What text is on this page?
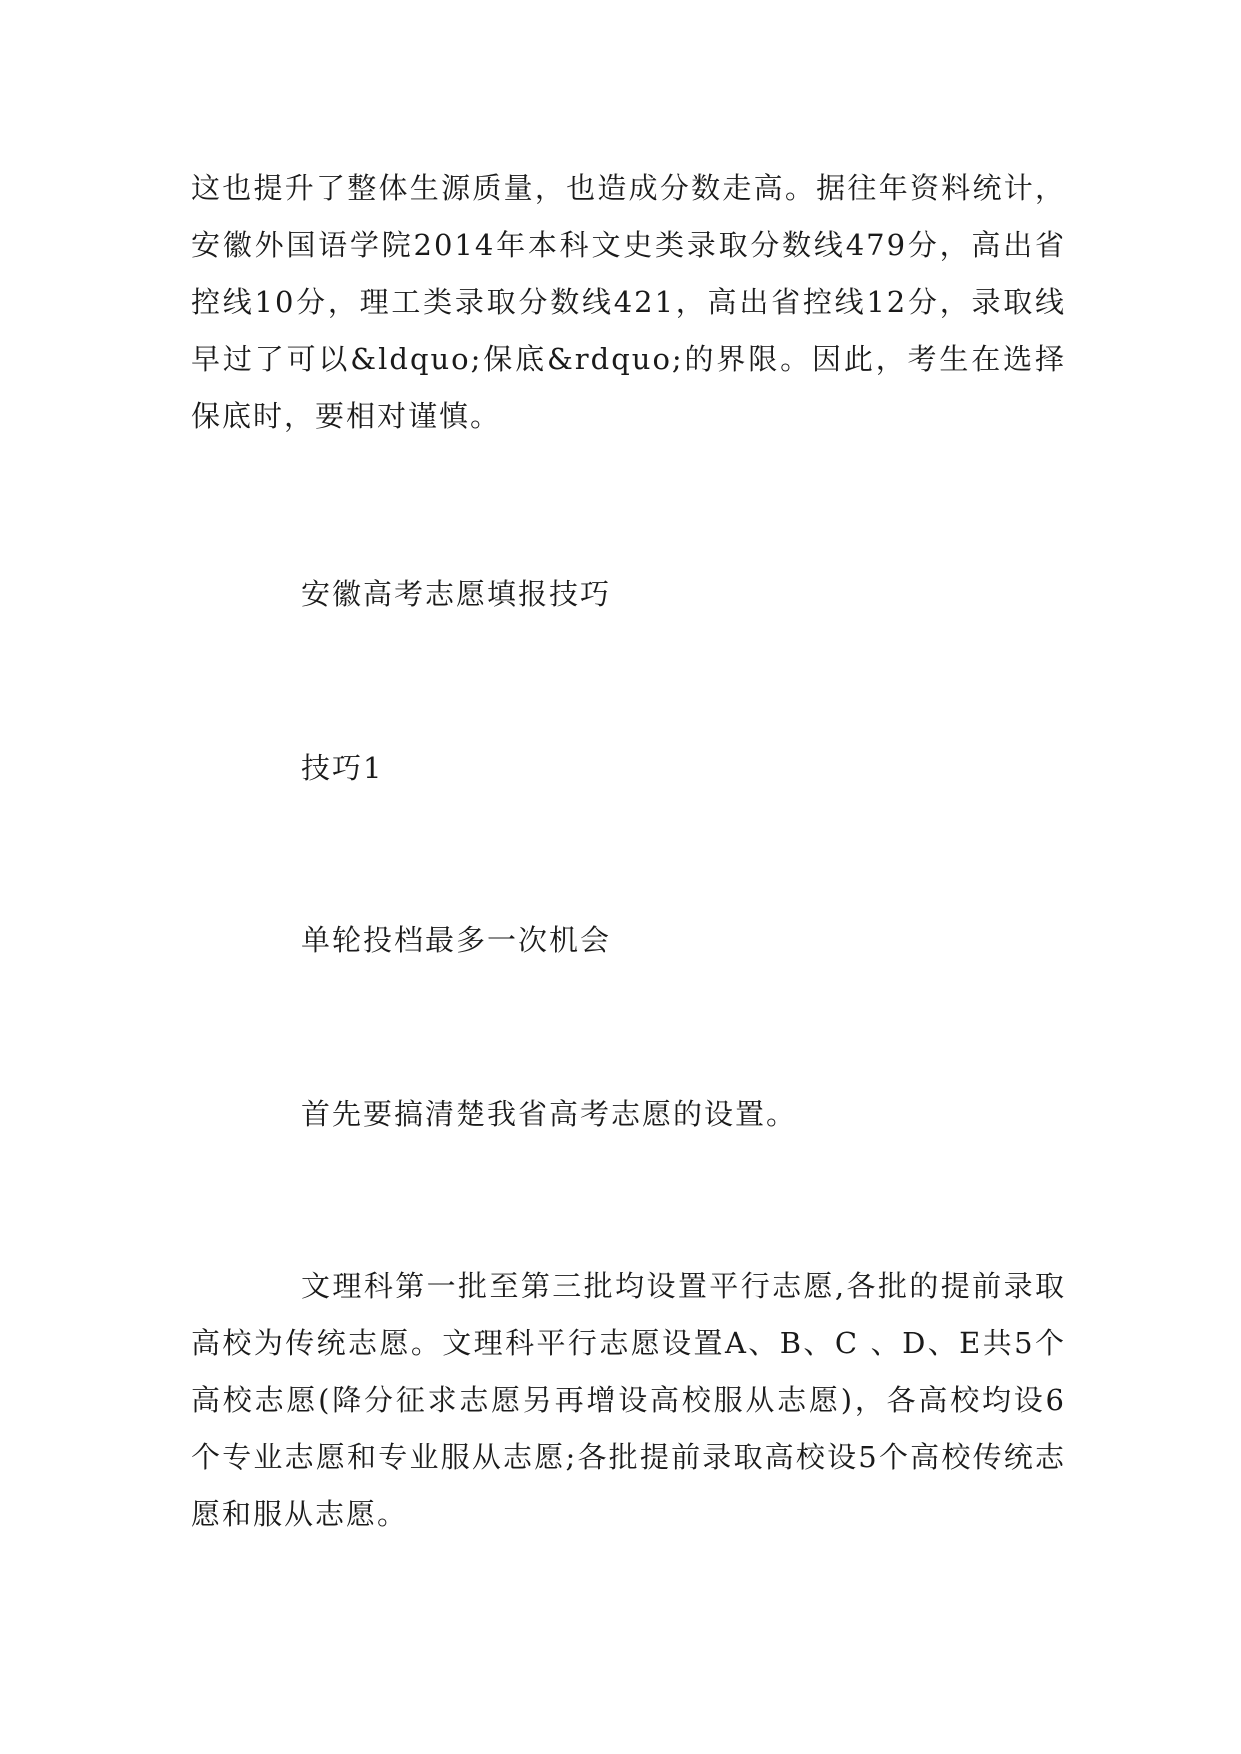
这也提升了整体生源质量，也造成分数走高。据往年资料统计，安徽外国语学院2014年本科文史类录取分数线479分，高出省控线10分，理工类录取分数线421，高出省控线12分，录取线早过了可以&ldquo;保底&rdquo;的界限。因此，考生在选择保底时，要相对谨慎。

安徽高考志愿填报技巧

技巧1

单轮投档最多一次机会

首先要搞清楚我省高考志愿的设置。

文理科第一批至第三批均设置平行志愿,各批的提前录取高校为传统志愿。文理科平行志愿设置A、B、C 、D、E共5个高校志愿(降分征求志愿另再增设高校服从志愿)，各高校均设6个专业志愿和专业服从志愿;各批提前录取高校设5个高校传统志愿和服从志愿。
